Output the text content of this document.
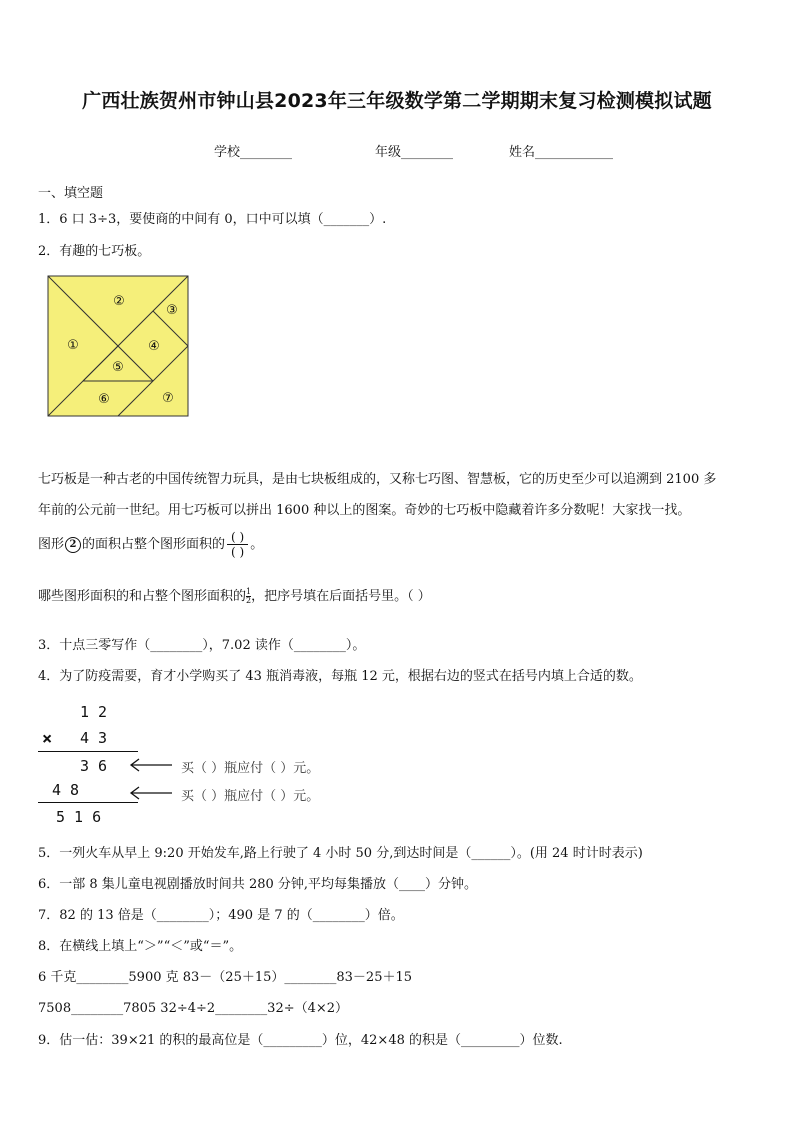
广西壮族贺州市钟山县2023年三年级数学第二学期期末复习检测模拟试题
学校________	年级________	姓名____________
一、填空题
1．6 口 3÷3，要使商的中间有 0，口中可以填（_______）.
2．有趣的七巧板。
①
②
③
④
⑤
⑥	⑦
七巧板是一种古老的中国传统智力玩具，是由七块板组成的，又称七巧图、智慧板，它的历史至少可以追溯到 2100 多
年前的公元前一世纪。用七巧板可以拼出 1600 种以上的图案。奇妙的七巧板中隐藏着许多分数呢！大家找一找。
图形 2 的面积占整个图形面积的 $\frac{( )}{( )}$ 。
哪些图形面积的和占整个图形面积的 $\frac{1}{2}$ ，把序号填在后面括号里。（ ）
3．十点三零写作（________），7.02 读作（________）。
4．为了防疫需要，育才小学购买了 43 瓶消毒液，每瓶 12 元，根据右边的竖式在括号内填上合适的数。
1 2
× 4 3
3 6
4 8
5 1 6
买（ ）瓶应付（ ）元。
买（ ）瓶应付（ ）元。
5．一列火车从早上 9:20 开始发车,路上行驶了 4 小时 50 分,到达时间是（______）。(用 24 时计时表示)
6．一部 8 集儿童电视剧播放时间共 280 分钟,平均每集播放（____）分钟。
7．82 的 13 倍是（________）；490 是 7 的（________）倍。
8．在横线上填上“＞”“＜”或“＝”。
6 千克________5900 克 83－（25＋15）________83－25＋15
7508________7805 32÷4÷2________32÷（4×2）
9．估一估：39×21 的积的最高位是（_________）位，42×48 的积是（_________）位数.
